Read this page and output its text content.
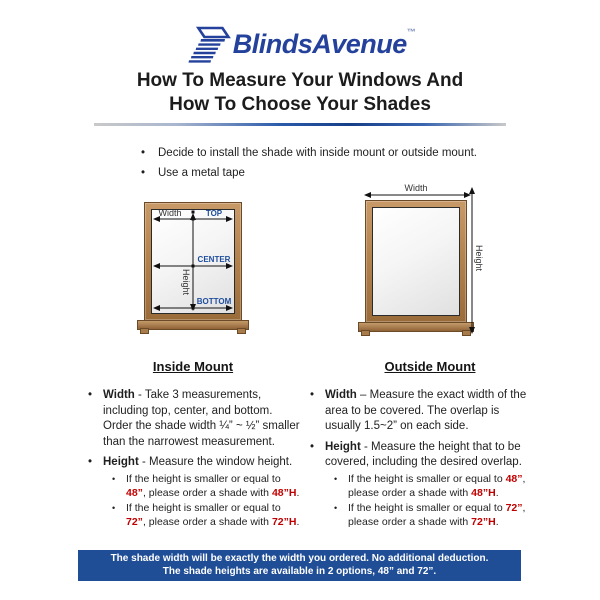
BlindsAvenue™
How To Measure Your Windows And
How To Choose Your Shades
•
Decide to install the shade with inside mount or outside mount.
•
Use a metal tape
Width	TOP
CENTER
BOTTOM
Height
Width
Height
Inside Mount	Outside Mount
•
Width - Take 3 measurements, including top, center, and bottom. Order the shade width ¼” ~ ½” smaller than the narrowest measurement.
•
Height - Measure the window height.
•
If the height is smaller or equal to 48”, please order a shade with 48”H.
•
If the height is smaller or equal to 72”, please order a shade with 72”H.
•
Width – Measure the exact width of the area to be covered. The overlap is usually 1.5~2” on each side.
•
Height - Measure the height that to be covered, including the desired overlap.
•
If the height is smaller or equal to 48”, please order a shade with 48”H.
•
If the height is smaller or equal to 72”, please order a shade with 72”H.
The shade width will be exactly the width you ordered. No additional deduction.
The shade heights are available in 2 options, 48” and 72”.
